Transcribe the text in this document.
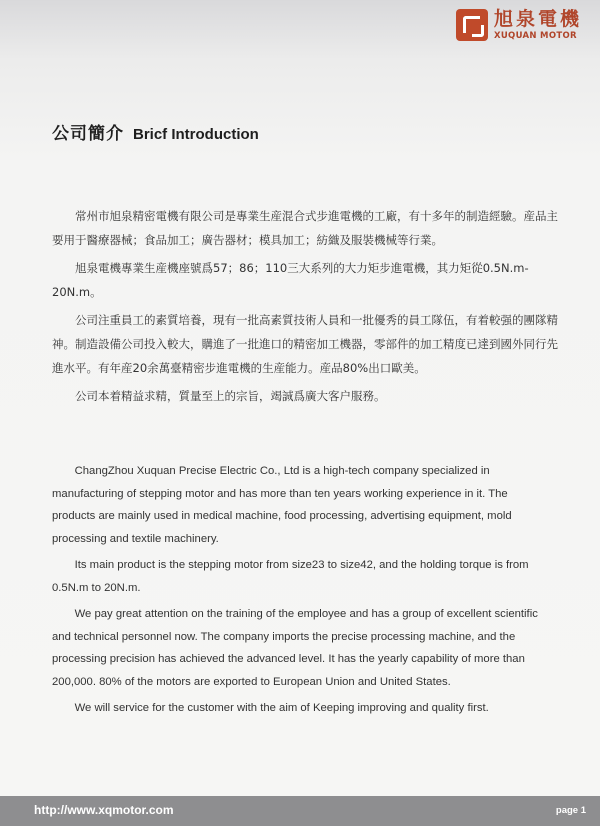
旭泉電機
XUQUAN MOTOR
公司簡介 Bricf Introduction

常州市旭泉精密電機有限公司是專業生産混合式步進電機的工廠，有十多年的制造經驗。産品主要用于醫療器械；食品加工；廣告器材；模具加工；紡織及服裝機械等行業。

旭泉電機專業生産機座號爲57；86；110三大系列的大力矩步進電機，其力矩從0.5N.m-20N.m。

公司注重員工的素質培養，現有一批高素質技術人員和一批優秀的員工隊伍，有着較强的團隊精神。制造設備公司投入較大，購進了一批進口的精密加工機器，零部件的加工精度已達到國外同行先進水平。有年産20余萬臺精密步進電機的生産能力。産品80%出口歐美。

公司本着精益求精，質量至上的宗旨，竭誠爲廣大客户服務。

ChangZhou Xuquan Precise Electric Co., Ltd is a high-tech company specialized in manufacturing of stepping motor and has more than ten years working experience in it. The products are mainly used in medical machine, food processing, advertising equipment, mold processing and textile machinery.

Its main product is the stepping motor from size23 to size42, and the holding torque is from 0.5N.m to 20N.m.

We pay great attention on the training of the employee and has a group of excellent scientific and technical personnel now. The company imports the precise processing machine, and the processing precision has achieved the advanced level. It has the yearly capability of more than 200,000. 80% of the motors are exported to European Union and United States.

We will service for the customer with the aim of Keeping improving and quality first.

http://www.xqmotor.com	page 1
